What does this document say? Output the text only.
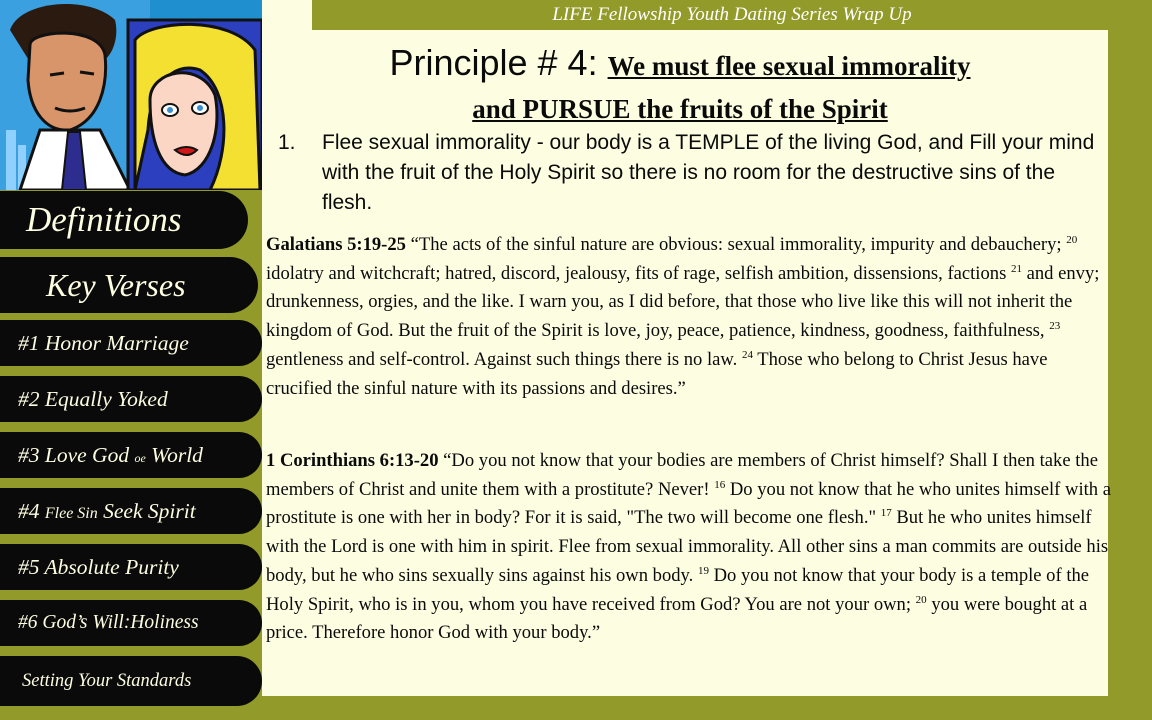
LIFE Fellowship Youth Dating Series Wrap Up
Definitions
Key Verses
#1 Honor Marriage
#2 Equally Yoked
#3 Love God oe World
#4 Flee Sin Seek Spirit
#5 Absolute Purity
#6 God’s Will:Holiness
Setting Your Standards
Principle # 4: We must flee sexual immorality
and PURSUE the fruits of the Spirit
1.	Flee sexual immorality - our body is a TEMPLE of the living God, and Fill your mind with the fruit of the Holy Spirit so there is no room for the destructive sins of the flesh.
Galatians 5:19-25 “The acts of the sinful nature are obvious: sexual immorality, impurity and debauchery; $^{20}$ idolatry and witchcraft; hatred, discord, jealousy, fits of rage, selfish ambition, dissensions, factions $^{21}$ and envy; drunkenness, orgies, and the like. I warn you, as I did before, that those who live like this will not inherit the kingdom of God. But the fruit of the Spirit is love, joy, peace, patience, kindness, goodness, faithfulness, $^{23}$ gentleness and self-control. Against such things there is no law. $^{24}$ Those who belong to Christ Jesus have crucified the sinful nature with its passions and desires.”
1 Corinthians 6:13-20 “Do you not know that your bodies are members of Christ himself? Shall I then take the members of Christ and unite them with a prostitute? Never! $^{16}$ Do you not know that he who unites himself with a prostitute is one with her in body? For it is said, "The two will become one flesh." $^{17}$ But he who unites himself with the Lord is one with him in spirit. Flee from sexual immorality. All other sins a man commits are outside his body, but he who sins sexually sins against his own body. $^{19}$ Do you not know that your body is a temple of the Holy Spirit, who is in you, whom you have received from God? You are not your own; $^{20}$ you were bought at a price. Therefore honor God with your body.”
